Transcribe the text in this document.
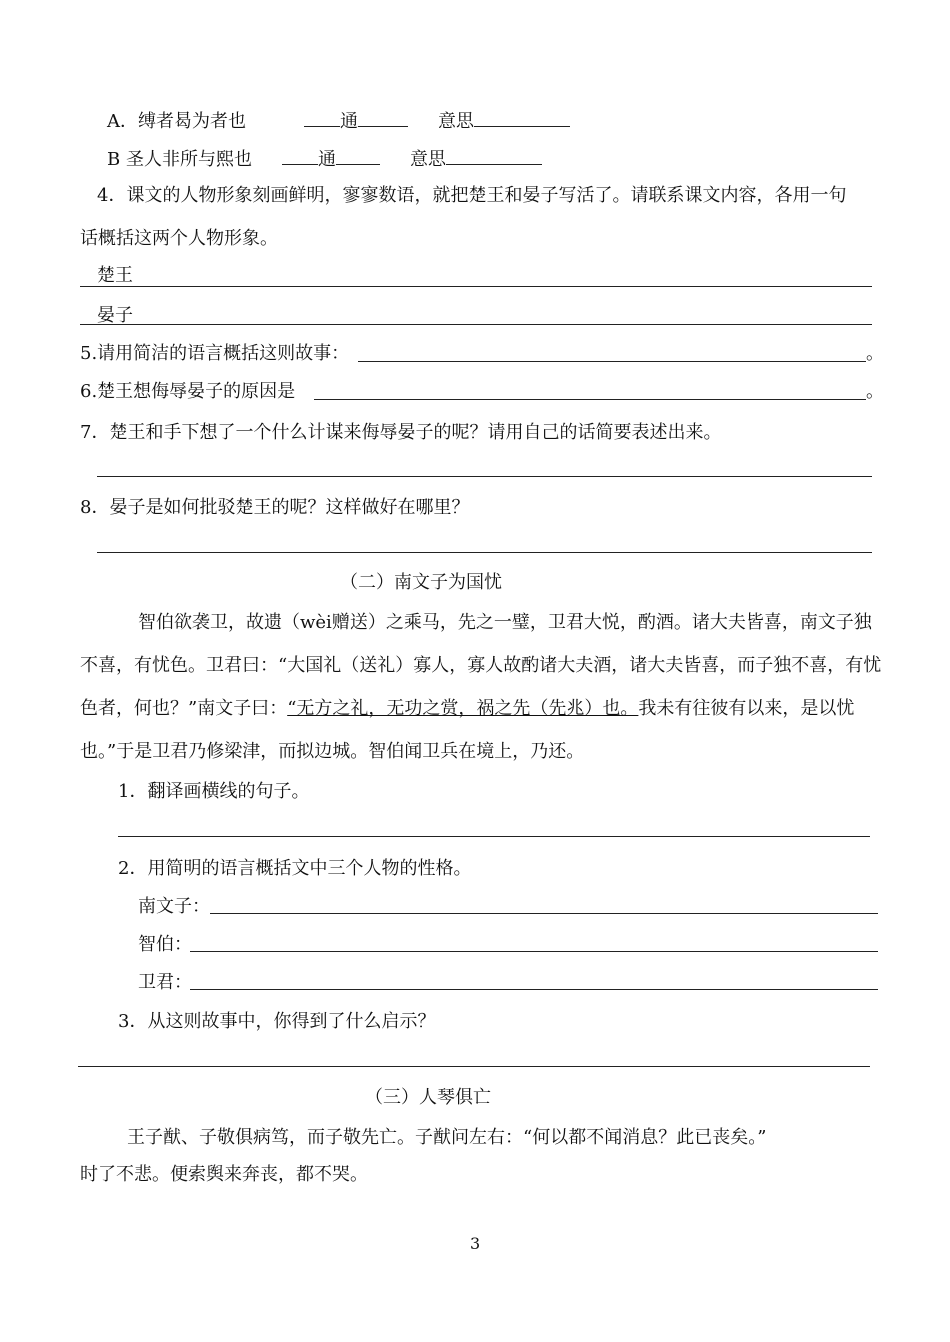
A．缚者曷为者也	通	意思
B 圣人非所与熙也	通	意思
4．课文的人物形象刻画鲜明，寥寥数语，就把楚王和晏子写活了。请联系课文内容，各用一句
话概括这两个人物形象。
楚王
晏子
5.请用简洁的语言概括这则故事：	。
6.楚王想侮辱晏子的原因是	。
7．楚王和手下想了一个什么计谋来侮辱晏子的呢？请用自己的话简要表述出来。
8．晏子是如何批驳楚王的呢？这样做好在哪里？
（二）南文子为国忧
智伯欲袭卫，故遗（wèi赠送）之乘马，先之一璧，卫君大悦，酌酒。诸大夫皆喜，南文子独
不喜，有忧色。卫君曰：“大国礼（送礼）寡人，寡人故酌诸大夫酒，诸大夫皆喜，而子独不喜，有忧
色者，何也？”南文子曰：“无方之礼，无功之赏，祸之先（先兆）也。我未有往彼有以来，是以忧
也。”于是卫君乃修梁津，而拟边城。智伯闻卫兵在境上，乃还。
1．翻译画横线的句子。
2．用简明的语言概括文中三个人物的性格。
南文子：
智伯：
卫君：
3．从这则故事中，你得到了什么启示？
（三）人琴俱亡
王子猷、子敬俱病笃，而子敬先亡。子猷问左右：“何以都不闻消息？此已丧矣。”
时了不悲。便索舆来奔丧，都不哭。
3
